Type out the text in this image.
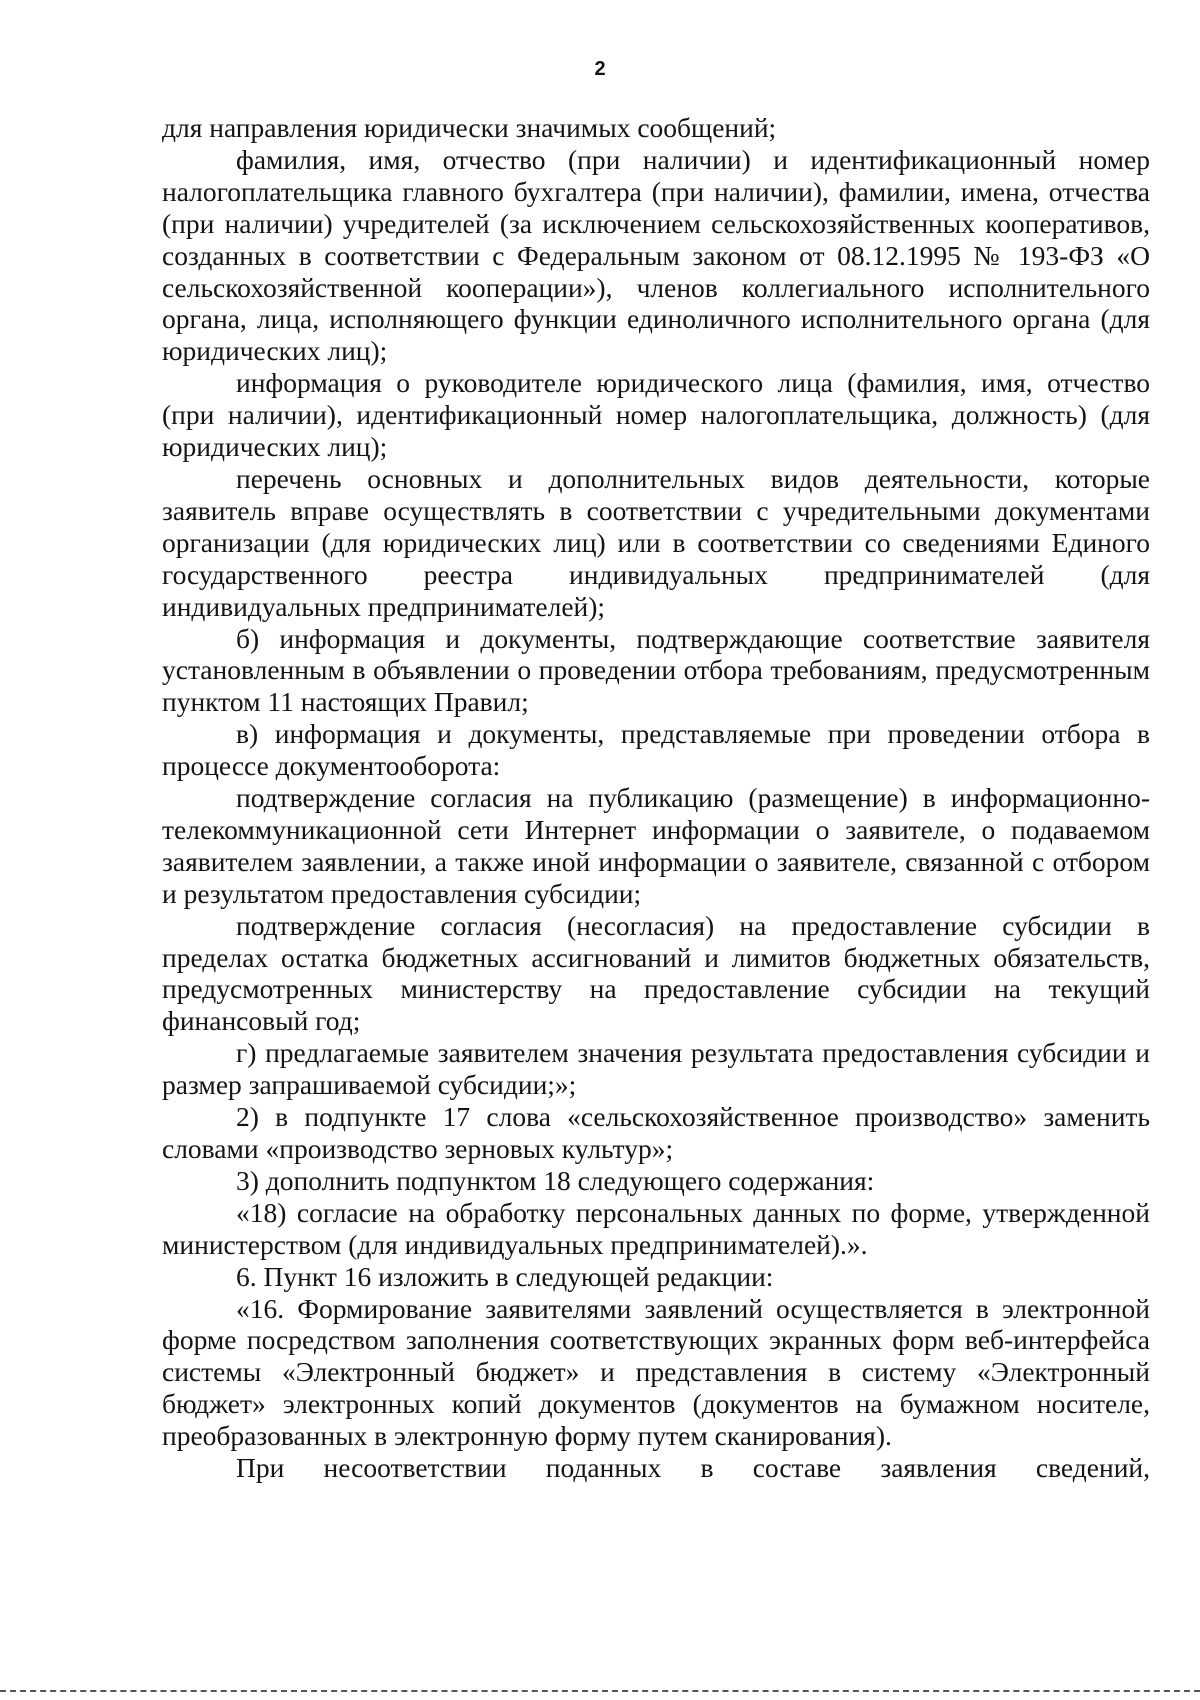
2

для направления юридически значимых сообщений;

фамилия, имя, отчество (при наличии) и идентификационный номер налогоплательщика главного бухгалтера (при наличии), фамилии, имена, отчества (при наличии) учредителей (за исключением сельскохозяйственных кооперативов, созданных в соответствии с Федеральным законом от 08.12.1995 № 193-ФЗ «О сельскохозяйственной кооперации»), членов коллегиального исполнительного органа, лица, исполняющего функции единоличного исполнительного органа (для юридических лиц);

информация о руководителе юридического лица (фамилия, имя, отчество (при наличии), идентификационный номер налогоплательщика, должность) (для юридических лиц);

перечень основных и дополнительных видов деятельности, которые заявитель вправе осуществлять в соответствии с учредительными документами организации (для юридических лиц) или в соответствии со сведениями Единого государственного реестра индивидуальных предпринимателей (для индивидуальных предпринимателей);

б) информация и документы, подтверждающие соответствие заявителя установленным в объявлении о проведении отбора требованиям, предусмотренным пунктом 11 настоящих Правил;

в) информация и документы, представляемые при проведении отбора в процессе документооборота:

подтверждение согласия на публикацию (размещение) в информационно-телекоммуникационной сети Интернет информации о заявителе, о подаваемом заявителем заявлении, а также иной информации о заявителе, связанной с отбором и результатом предоставления субсидии;

подтверждение согласия (несогласия) на предоставление субсидии в пределах остатка бюджетных ассигнований и лимитов бюджетных обязательств, предусмотренных министерству на предоставление субсидии на текущий финансовый год;

г) предлагаемые заявителем значения результата предоставления субсидии и размер запрашиваемой субсидии;»;

2) в подпункте 17 слова «сельскохозяйственное производство» заменить словами «производство зерновых культур»;

3) дополнить подпунктом 18 следующего содержания:

«18) согласие на обработку персональных данных по форме, утвержденной министерством (для индивидуальных предпринимателей).».

6. Пункт 16 изложить в следующей редакции:

«16. Формирование заявителями заявлений осуществляется в электронной форме посредством заполнения соответствующих экранных форм веб-интерфейса системы «Электронный бюджет» и представления в систему «Электронный бюджет» электронных копий документов (документов на бумажном носителе, преобразованных в электронную форму путем сканирования).

При несоответствии поданных в составе заявления сведений,
